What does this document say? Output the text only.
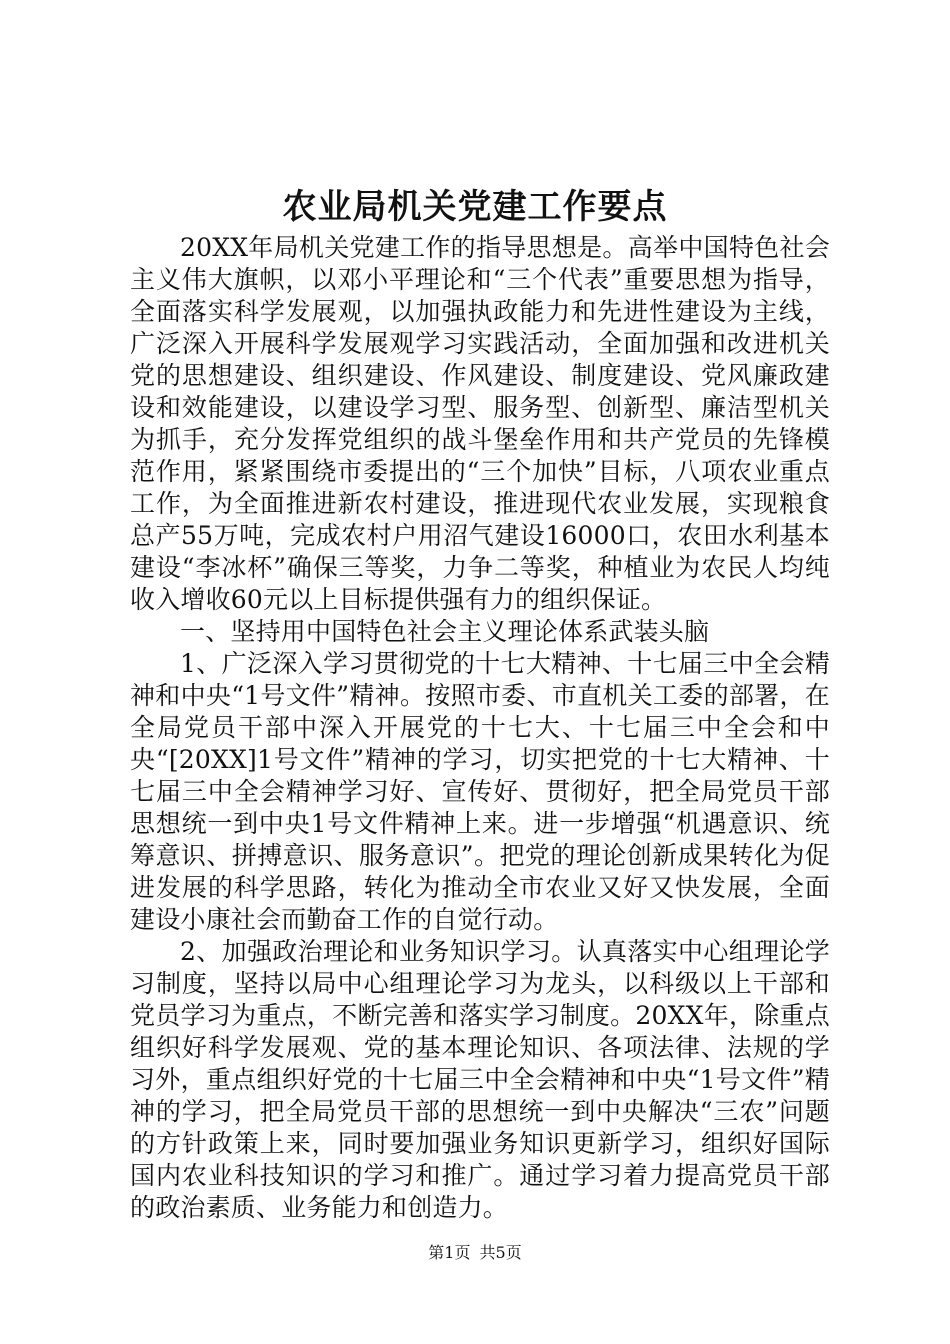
农业局机关党建工作要点

20XX年局机关党建工作的指导思想是。高举中国特色社会主义伟大旗帜，以邓小平理论和“三个代表”重要思想为指导，全面落实科学发展观，以加强执政能力和先进性建设为主线，广泛深入开展科学发展观学习实践活动，全面加强和改进机关党的思想建设、组织建设、作风建设、制度建设、党风廉政建设和效能建设，以建设学习型、服务型、创新型、廉洁型机关为抓手，充分发挥党组织的战斗堡垒作用和共产党员的先锋模范作用，紧紧围绕市委提出的“三个加快”目标，八项农业重点工作，为全面推进新农村建设，推进现代农业发展，实现粮食总产55万吨，完成农村户用沼气建设16000口，农田水利基本建设“李冰杯”确保三等奖，力争二等奖，种植业为农民人均纯收入增收60元以上目标提供强有力的组织保证。

一、坚持用中国特色社会主义理论体系武装头脑

1、广泛深入学习贯彻党的十七大精神、十七届三中全会精神和中央“1号文件”精神。按照市委、市直机关工委的部署，在全局党员干部中深入开展党的十七大、十七届三中全会和中央“[20XX]1号文件”精神的学习，切实把党的十七大精神、十七届三中全会精神学习好、宣传好、贯彻好，把全局党员干部思想统一到中央1号文件精神上来。进一步增强“机遇意识、统筹意识、拼搏意识、服务意识”。把党的理论创新成果转化为促进发展的科学思路，转化为推动全市农业又好又快发展，全面建设小康社会而勤奋工作的自觉行动。

2、加强政治理论和业务知识学习。认真落实中心组理论学习制度，坚持以局中心组理论学习为龙头，以科级以上干部和党员学习为重点，不断完善和落实学习制度。20XX年，除重点组织好科学发展观、党的基本理论知识、各项法律、法规的学习外，重点组织好党的十七届三中全会精神和中央“1号文件”精神的学习，把全局党员干部的思想统一到中央解决“三农”问题的方针政策上来，同时要加强业务知识更新学习，组织好国际国内农业科技知识的学习和推广。通过学习着力提高党员干部的政治素质、业务能力和创造力。

第1页 共5页
